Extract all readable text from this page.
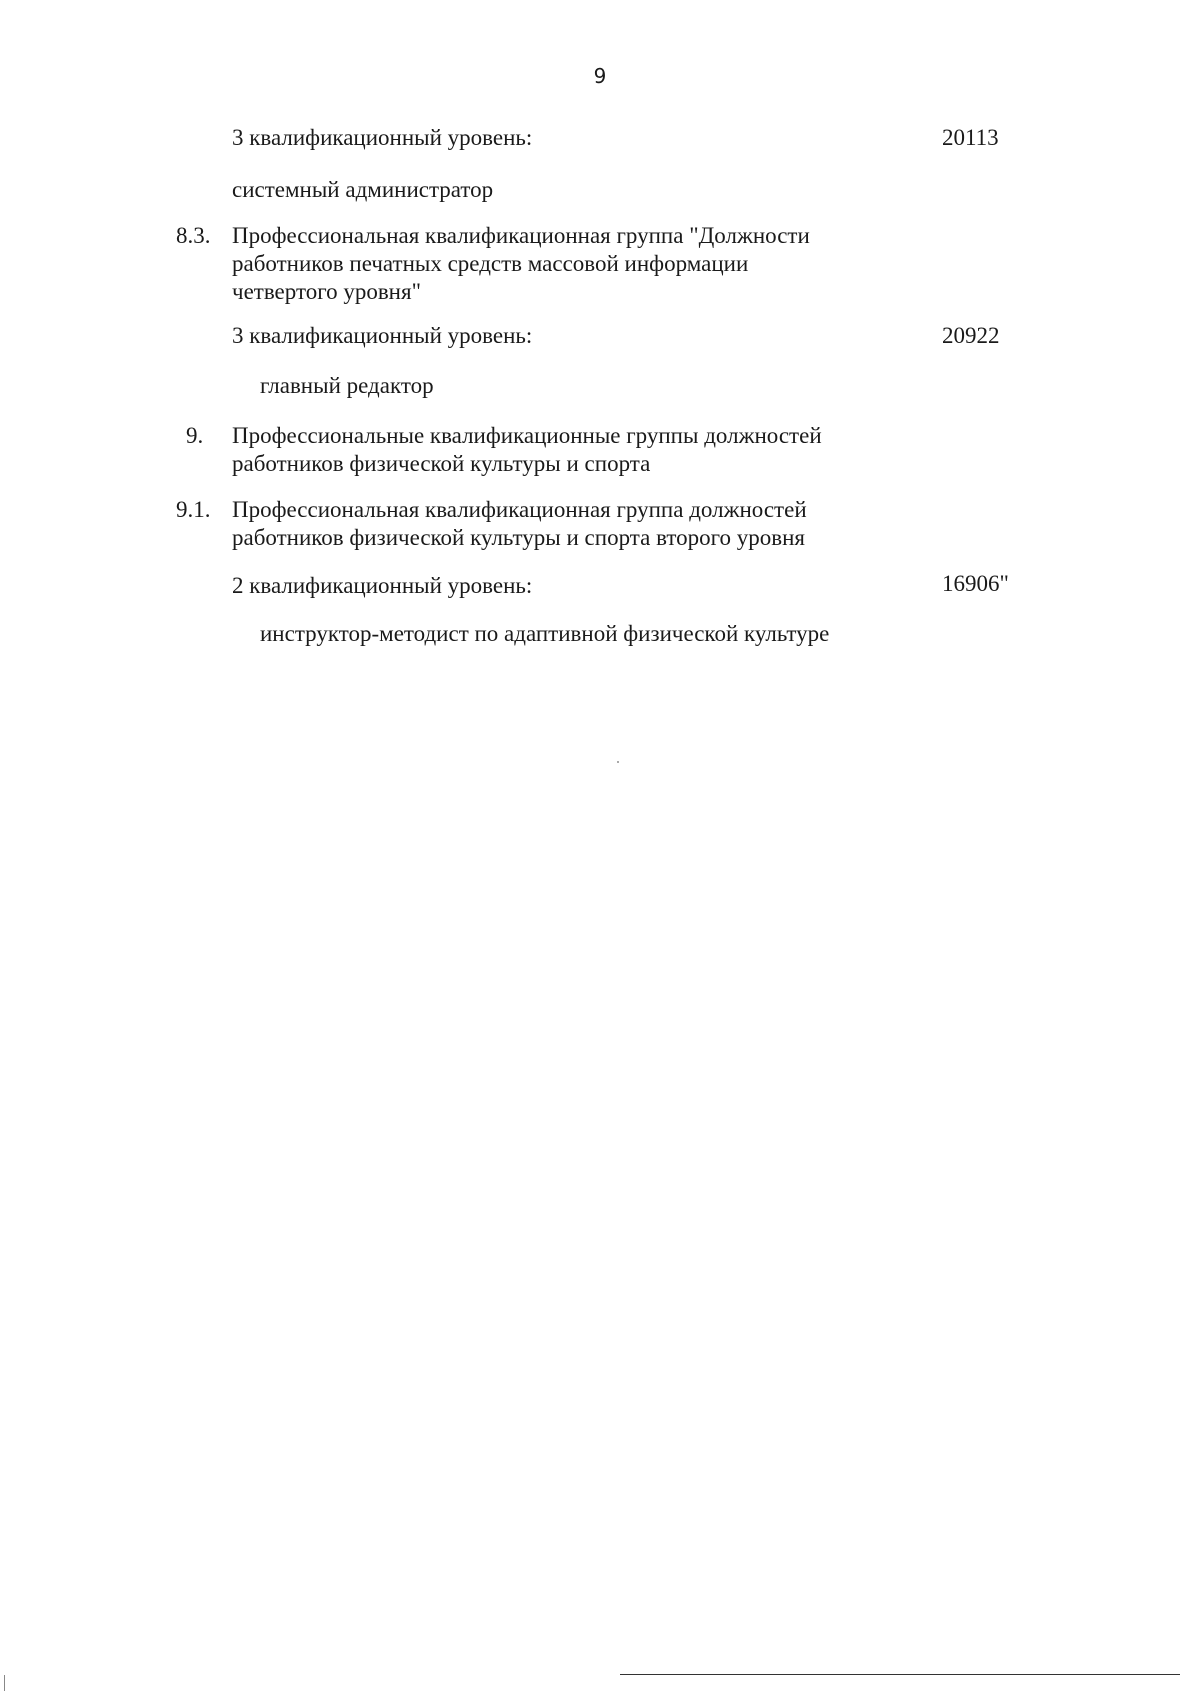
9
3 квалификационный уровень:	20113
системный администратор
8.3. Профессиональная квалификационная группа "Должности
работников печатных средств массовой информации
четвертого уровня"
3 квалификационный уровень:	20922
главный редактор
9. Профессиональные квалификационные группы должностей
работников физической культуры и спорта
9.1. Профессиональная квалификационная группа должностей
работников физической культуры и спорта второго уровня
2 квалификационный уровень:	16906"
инструктор-методист по адаптивной физической культуре
